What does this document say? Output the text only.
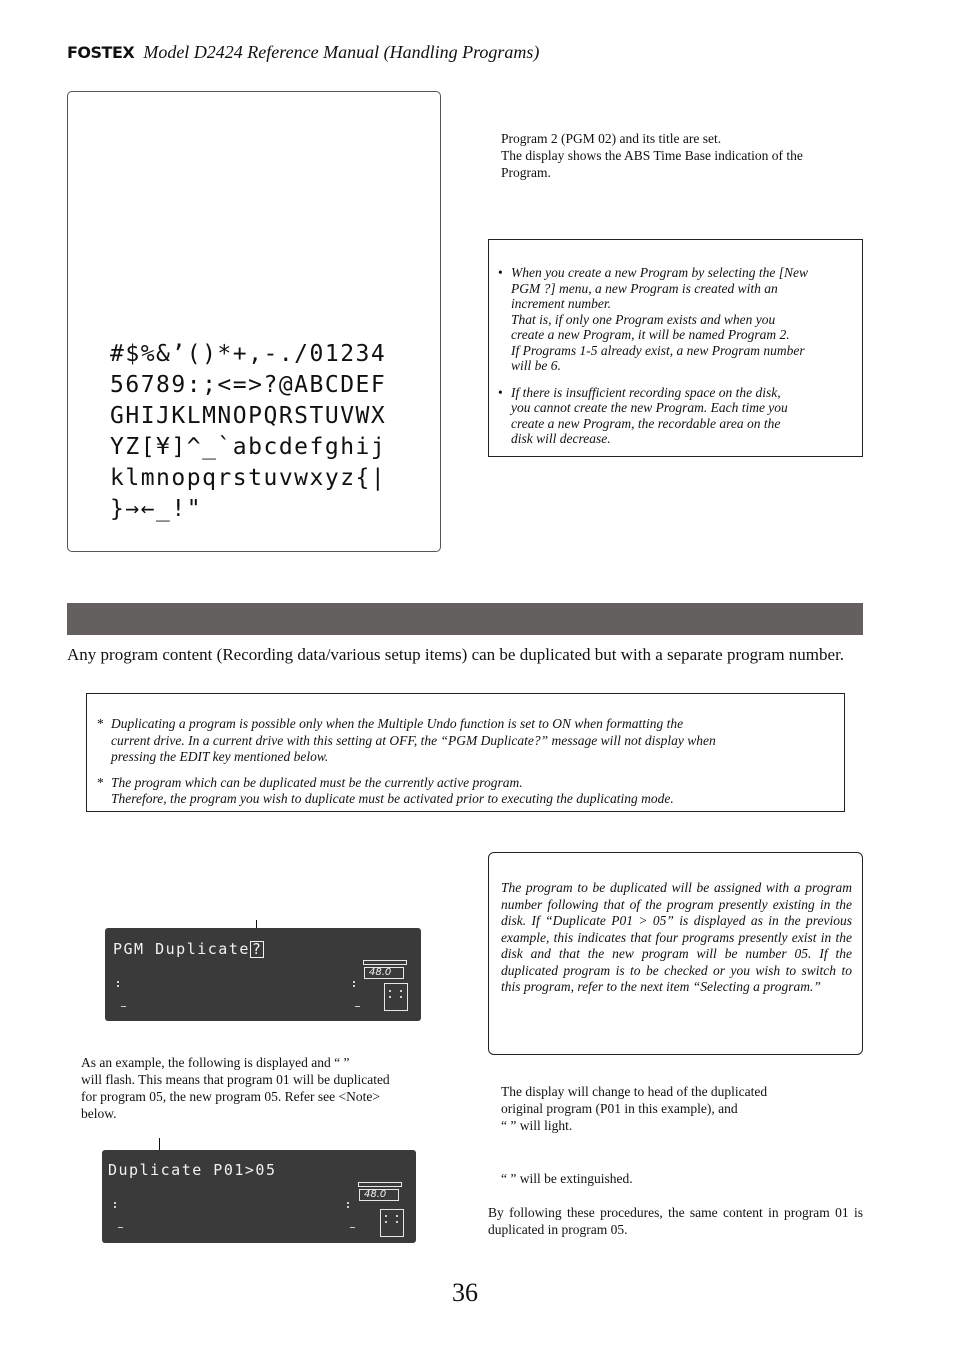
FOSTEX Model D2424 Reference Manual (Handling Programs)
#$%&’()*+,-./01234
56789:;<=>?@ABCDEF
GHIJKLMNOPQRSTUVWX
YZ[¥]^_`abcdefghij
klmnopqrstuvwxyz{|
}→←_!"
Program 2 (PGM 02) and its title are set.
The display shows the ABS Time Base indication of the
Program.
• When you create a new Program by selecting the [New
PGM ?] menu, a new Program is created with an
increment number.
That is, if only one Program exists and when you
create a new Program, it will be named Program 2.
If Programs 1-5 already exist, a new Program number
will be 6.
• If there is insufficient recording space on the disk,
you cannot create the new Program. Each time you
create a new Program, the recordable area on the
disk will decrease.
Any program content (Recording data/various setup items) can be duplicated but with a separate program number.
* Duplicating a program is possible only when the Multiple Undo function is set to ON when formatting the
current drive. In a current drive with this setting at OFF, the “PGM Duplicate?” message will not display when
pressing the EDIT key mentioned below.
* The program which can be duplicated must be the currently active program.
Therefore, the program you wish to duplicate must be activated prior to executing the duplicating mode.
PGM Duplicate ?
48.0
As an example, the following is displayed and “ ”
will flash. This means that program 01 will be duplicated
for program 05, the new program 05. Refer see <Note>
below.
Duplicate P01>05
48.0
The program to be duplicated will be assigned with a program number following that of the program presently existing in the disk. If “Duplicate P01 > 05” is displayed as in the previous example, this indicates that four programs presently exist in the disk and that the new program will be number 05. If the duplicated program is to be checked or you wish to switch to this program, refer to the next item “Selecting a program.”
The display will change to head of the duplicated
original program (P01 in this example), and
“ ” will light.
“ ” will be extinguished.
By following these procedures, the same content in program 01 is duplicated in program 05.
36
